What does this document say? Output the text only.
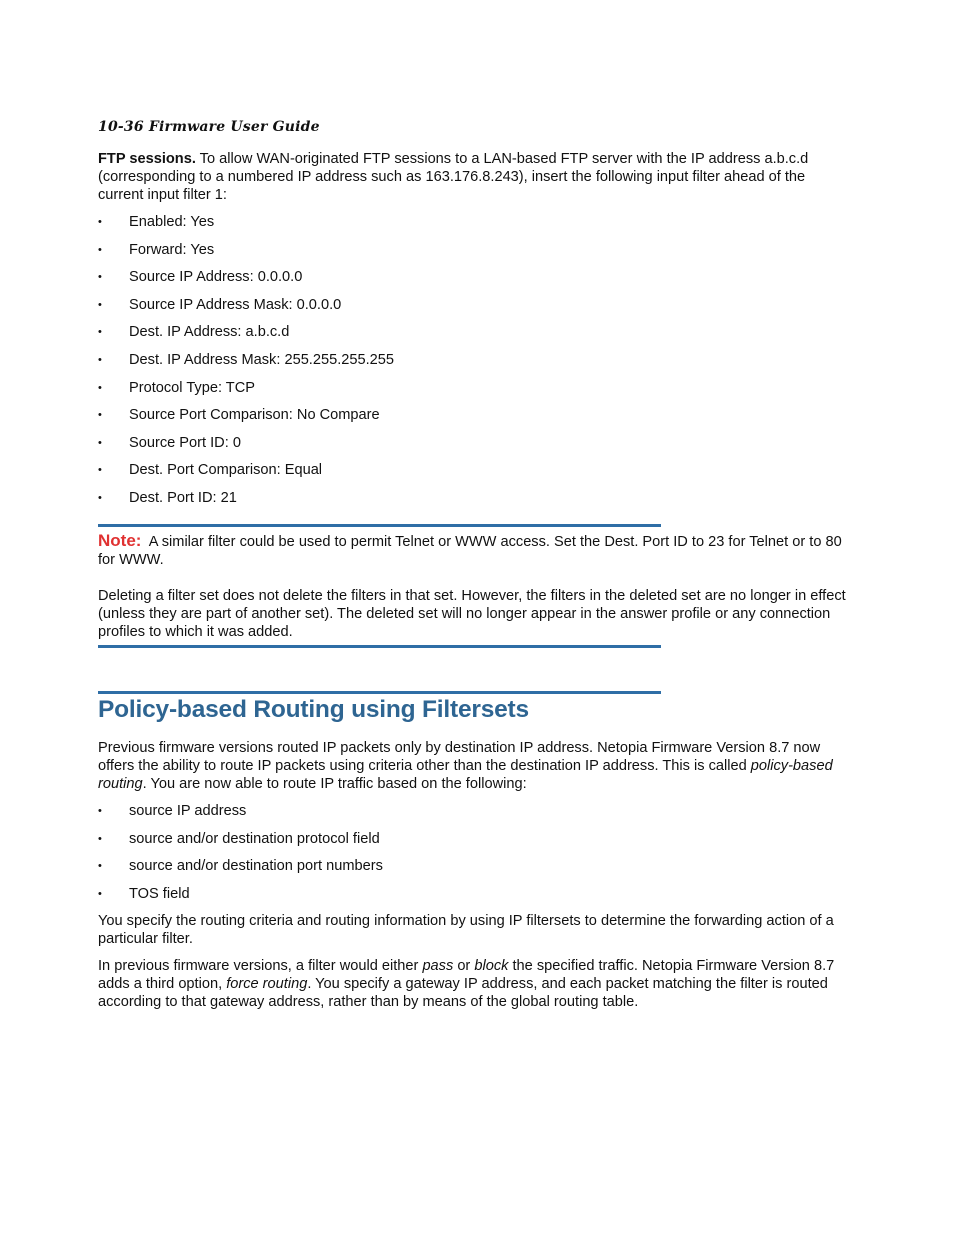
10-36 Firmware User Guide

FTP sessions. To allow WAN-originated FTP sessions to a LAN-based FTP server with the IP address a.b.c.d (corresponding to a numbered IP address such as 163.176.8.243), insert the following input filter ahead of the current input filter 1:

• Enabled: Yes
• Forward: Yes
• Source IP Address: 0.0.0.0
• Source IP Address Mask: 0.0.0.0
• Dest. IP Address: a.b.c.d
• Dest. IP Address Mask: 255.255.255.255
• Protocol Type: TCP
• Source Port Comparison: No Compare
• Source Port ID: 0
• Dest. Port Comparison: Equal
• Dest. Port ID: 21

Note: A similar filter could be used to permit Telnet or WWW access. Set the Dest. Port ID to 23 for Telnet or to 80 for WWW.

Deleting a filter set does not delete the filters in that set. However, the filters in the deleted set are no longer in effect (unless they are part of another set). The deleted set will no longer appear in the answer profile or any connection profiles to which it was added.

Policy-based Routing using Filtersets

Previous firmware versions routed IP packets only by destination IP address. Netopia Firmware Version 8.7 now offers the ability to route IP packets using criteria other than the destination IP address. This is called policy-based routing. You are now able to route IP traffic based on the following:

• source IP address
• source and/or destination protocol field
• source and/or destination port numbers
• TOS field

You specify the routing criteria and routing information by using IP filtersets to determine the forwarding action of a particular filter.

In previous firmware versions, a filter would either pass or block the specified traffic. Netopia Firmware Version 8.7 adds a third option, force routing. You specify a gateway IP address, and each packet matching the filter is routed according to that gateway address, rather than by means of the global routing table.
